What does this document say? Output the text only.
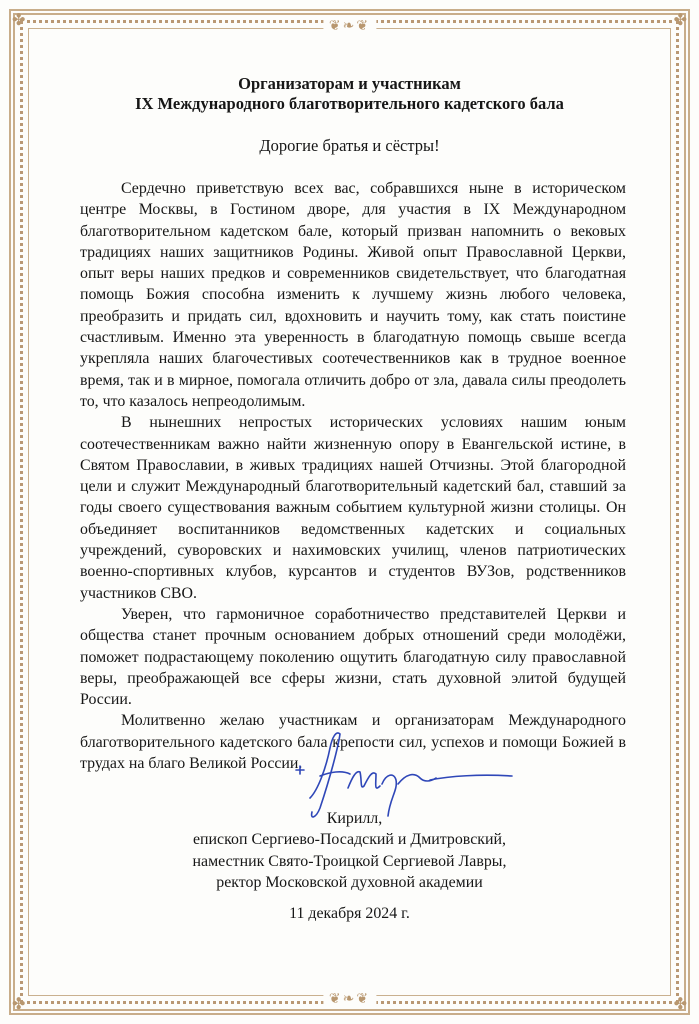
❦❧❦
❦❧❦
✤	✤
✤	✤
Организаторам и участникам
IX Международного благотворительного кадетского бала
Дорогие братья и сёстры!

Сердечно приветствую всех вас, собравшихся ныне в историческом центре Москвы, в Гостином дворе, для участия в IX Международном благотворительном кадетском бале, который призван напомнить о вековых традициях наших защитников Родины. Живой опыт Православной Церкви, опыт веры наших предков и современников свидетельствует, что благодатная помощь Божия способна изменить к лучшему жизнь любого человека, преобразить и придать сил, вдохновить и научить тому, как стать поистине счастливым. Именно эта уверенность в благодатную помощь свыше всегда укрепляла наших благочестивых соотечественников как в трудное военное время, так и в мирное, помогала отличить добро от зла, давала силы преодолеть то, что казалось непреодолимым.

В нынешних непростых исторических условиях нашим юным соотечественникам важно найти жизненную опору в Евангельской истине, в Святом Православии, в живых традициях нашей Отчизны. Этой благородной цели и служит Международный благотворительный кадетский бал, ставший за годы своего существования важным событием культурной жизни столицы. Он объединяет воспитанников ведомственных кадетских и социальных учреждений, суворовских и нахимовских училищ, членов патриотических военно-спортивных клубов, курсантов и студентов ВУЗов, родственников участников СВО.

Уверен, что гармоничное соработничество представителей Церкви и общества станет прочным основанием добрых отношений среди молодёжи, поможет подрастающему поколению ощутить благодатную силу православной веры, преображающей все сферы жизни, стать духовной элитой будущей России.

Молитвенно желаю участникам и организаторам Международного благотворительного кадетского бала крепости сил, успехов и помощи Божией в трудах на благо Великой России.

Кирилл,
епископ Сергиево-Посадский и Дмитровский,
наместник Свято-Троицкой Сергиевой Лавры,
ректор Московской духовной академии
11 декабря 2024 г.
